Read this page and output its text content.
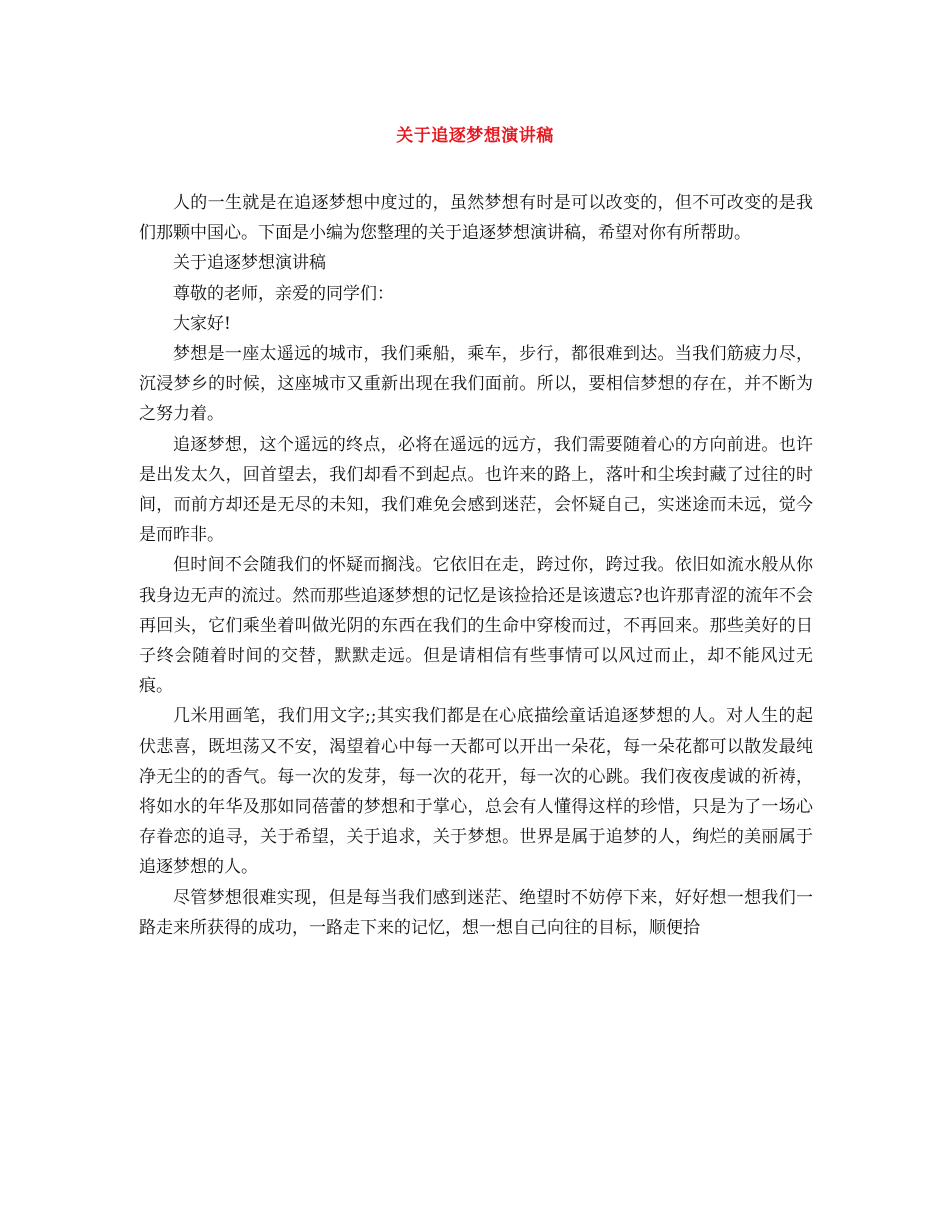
关于追逐梦想演讲稿

人的一生就是在追逐梦想中度过的，虽然梦想有时是可以改变的，但不可改变的是我们那颗中国心。下面是小编为您整理的关于追逐梦想演讲稿，希望对你有所帮助。

关于追逐梦想演讲稿

尊敬的老师，亲爱的同学们：

大家好!

梦想是一座太遥远的城市，我们乘船，乘车，步行，都很难到达。当我们筋疲力尽，沉浸梦乡的时候，这座城市又重新出现在我们面前。所以，要相信梦想的存在，并不断为之努力着。

追逐梦想，这个遥远的终点，必将在遥远的远方，我们需要随着心的方向前进。也许是出发太久，回首望去，我们却看不到起点。也许来的路上，落叶和尘埃封藏了过往的时间，而前方却还是无尽的未知，我们难免会感到迷茫，会怀疑自己，实迷途而未远，觉今是而昨非。

但时间不会随我们的怀疑而搁浅。它依旧在走，跨过你，跨过我。依旧如流水般从你我身边无声的流过。然而那些追逐梦想的记忆是该捡拾还是该遗忘?也许那青涩的流年不会再回头，它们乘坐着叫做光阴的东西在我们的生命中穿梭而过，不再回来。那些美好的日子终会随着时间的交替，默默走远。但是请相信有些事情可以风过而止，却不能风过无痕。

几米用画笔，我们用文字;;其实我们都是在心底描绘童话追逐梦想的人。对人生的起伏悲喜，既坦荡又不安，渴望着心中每一天都可以开出一朵花，每一朵花都可以散发最纯净无尘的的香气。每一次的发芽，每一次的花开，每一次的心跳。我们夜夜虔诚的祈祷，将如水的年华及那如同蓓蕾的梦想和于掌心，总会有人懂得这样的珍惜，只是为了一场心存眷恋的追寻，关于希望，关于追求，关于梦想。世界是属于追梦的人，绚烂的美丽属于追逐梦想的人。

尽管梦想很难实现，但是每当我们感到迷茫、绝望时不妨停下来，好好想一想我们一路走来所获得的成功，一路走下来的记忆，想一想自己向往的目标，顺便拾
